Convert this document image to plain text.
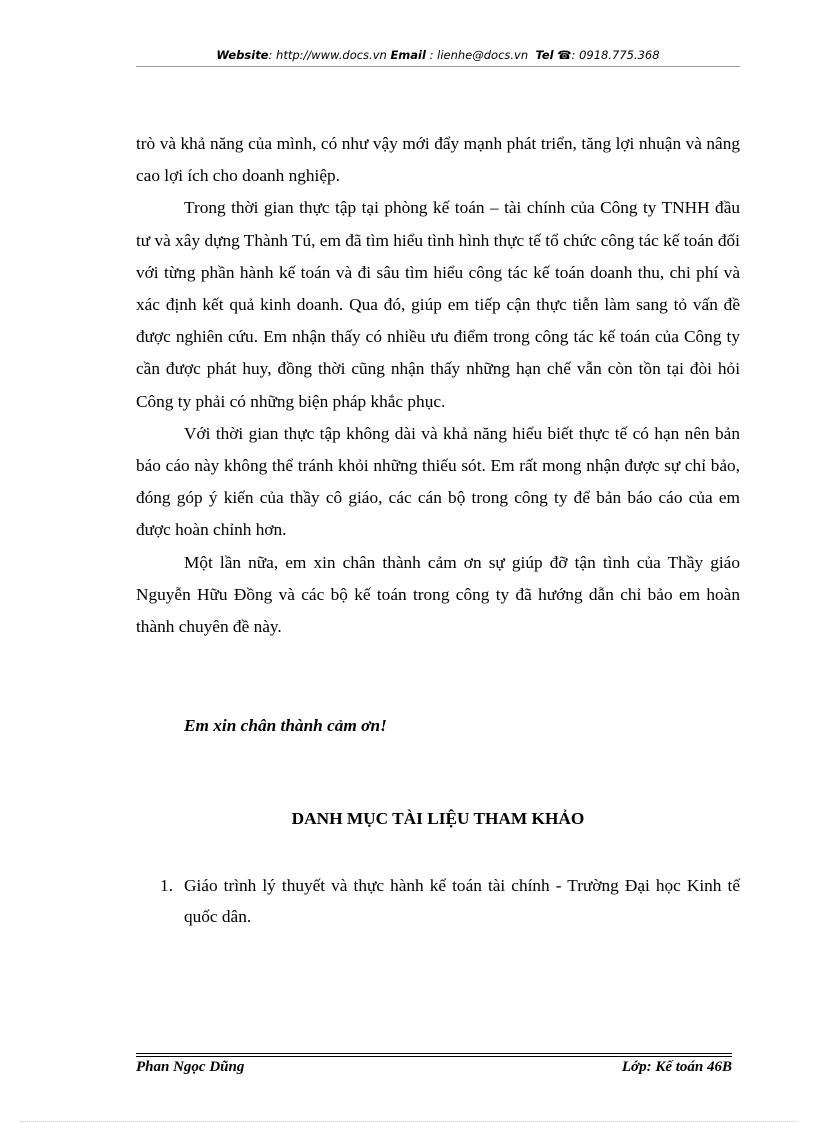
Website: http://www.docs.vn Email : lienhe@docs.vn Tel ☎: 0918.775.368

trò và khả năng của mình, có như vậy mới đẩy mạnh phát triển, tăng lợi nhuận và nâng cao lợi ích cho doanh nghiệp.

Trong thời gian thực tập tại phòng kế toán – tài chính của Công ty TNHH đầu tư và xây dựng Thành Tú, em đã tìm hiểu tình hình thực tế tổ chức công tác kế toán đối với từng phần hành kế toán và đi sâu tìm hiểu công tác kế toán doanh thu, chi phí và xác định kết quả kinh doanh. Qua đó, giúp em tiếp cận thực tiễn làm sang tỏ vấn đề được nghiên cứu. Em nhận thấy có nhiều ưu điểm trong công tác kế toán của Công ty cần được phát huy, đồng thời cũng nhận thấy những hạn chế vẫn còn tồn tại đòi hỏi Công ty phải có những biện pháp khắc phục.

Với thời gian thực tập không dài và khả năng hiểu biết thực tế có hạn nên bản báo cáo này không thể tránh khỏi những thiếu sót. Em rất mong nhận được sự chỉ bảo, đóng góp ý kiến của thầy cô giáo, các cán bộ trong công ty để bản báo cáo của em được hoàn chỉnh hơn.

Một lần nữa, em xin chân thành cảm ơn sự giúp đỡ tận tình của Thầy giáo Nguyễn Hữu Đồng và các bộ kế toán trong công ty đã hướng dẫn chỉ bảo em hoàn thành chuyên đề này.

Em xin chân thành cảm ơn!
DANH MỤC TÀI LIỆU THAM KHẢO
1. Giáo trình lý thuyết và thực hành kế toán tài chính - Trường Đại học Kinh tế quốc dân.
Phan Ngọc Dũng	Lớp: Kế toán 46B
